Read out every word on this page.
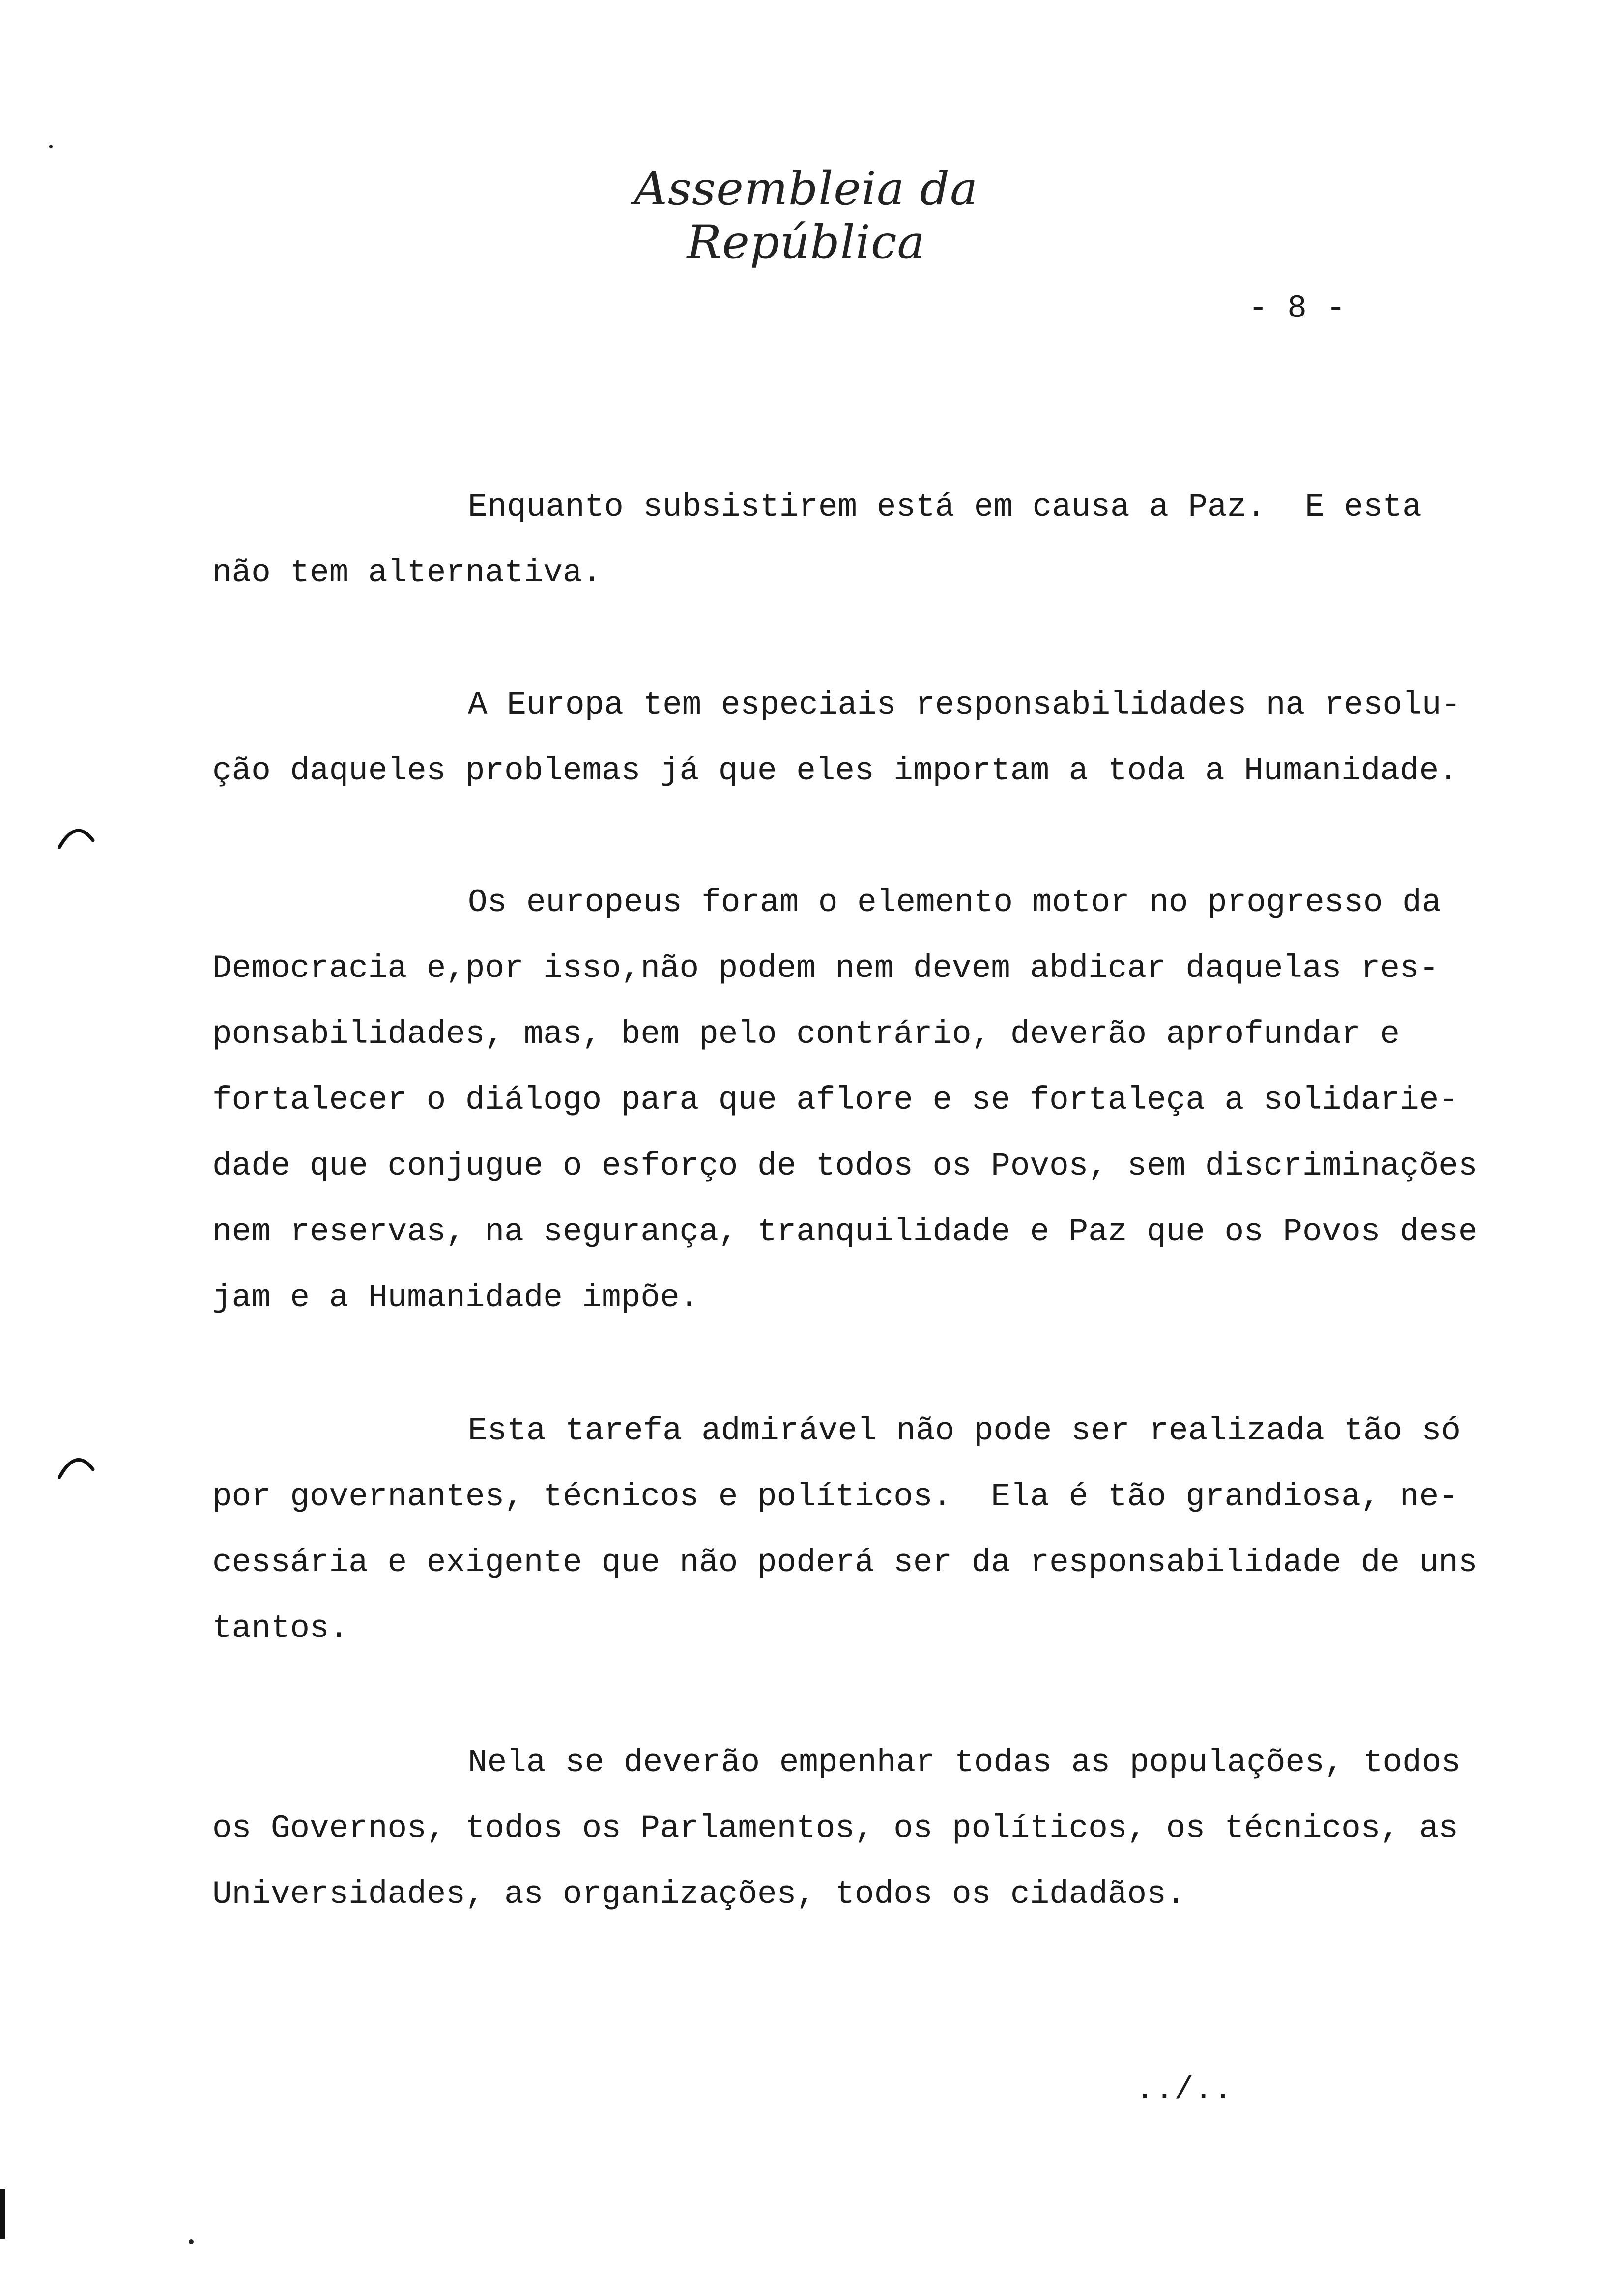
Assembleia da República
- 8 -
Enquanto subsistirem está em causa a Paz.  E esta
não tem alternativa.
A Europa tem especiais responsabilidades na resolu-
ção daqueles problemas já que eles importam a toda a Humanidade.
Os europeus foram o elemento motor no progresso da
Democracia e,por isso,não podem nem devem abdicar daquelas res-
ponsabilidades, mas, bem pelo contrário, deverão aprofundar e
fortalecer o diálogo para que aflore e se fortaleça a solidarie-
dade que conjugue o esforço de todos os Povos, sem discriminações
nem reservas, na segurança, tranquilidade e Paz que os Povos dese
jam e a Humanidade impõe.
Esta tarefa admirável não pode ser realizada tão só
por governantes, técnicos e políticos.  Ela é tão grandiosa, ne-
cessária e exigente que não poderá ser da responsabilidade de uns
tantos.
Nela se deverão empenhar todas as populações, todos
os Governos, todos os Parlamentos, os políticos, os técnicos, as
Universidades, as organizações, todos os cidadãos.
../..
